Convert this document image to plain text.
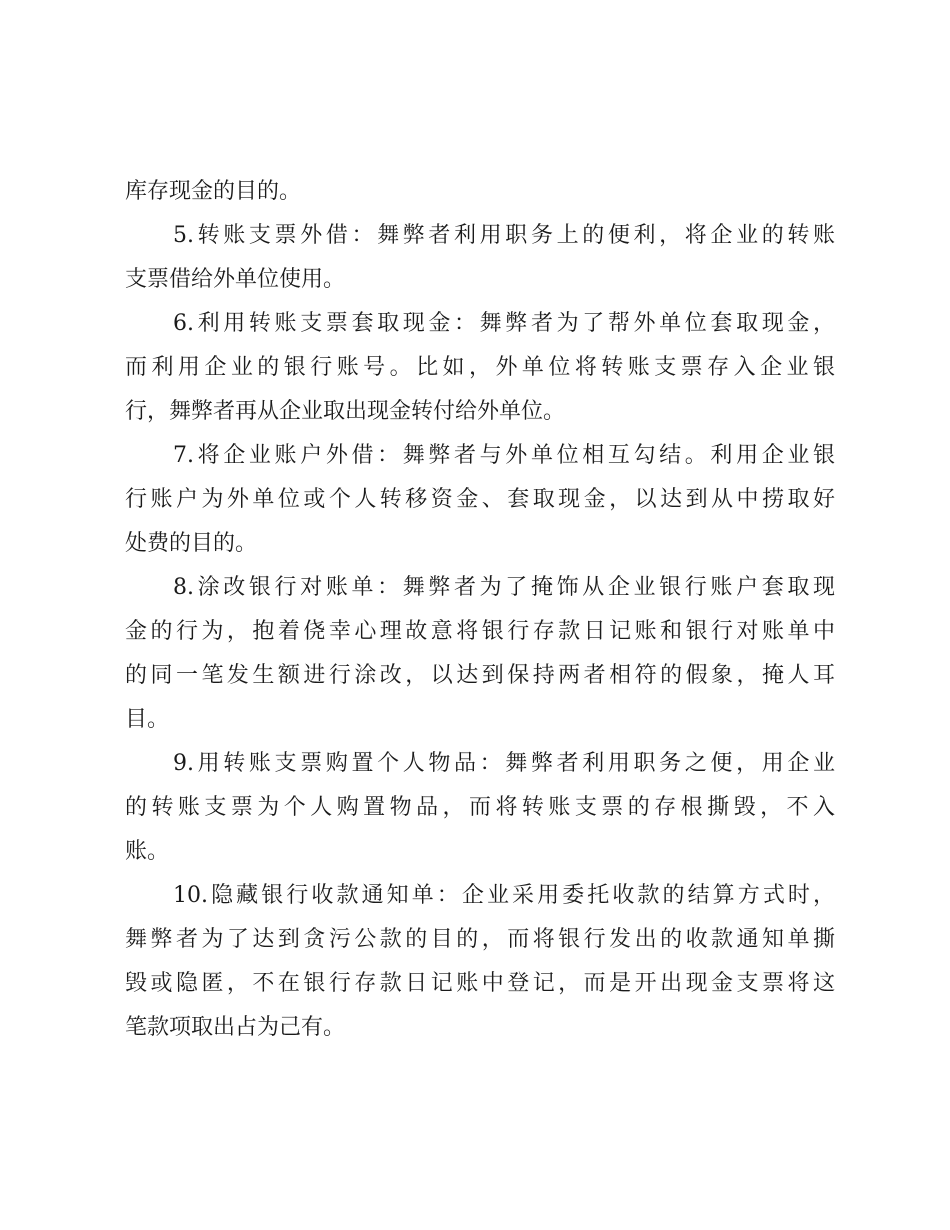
库存现金的目的。
5.转账支票外借：舞弊者利用职务上的便利，将企业的转账
支票借给外单位使用。
6.利用转账支票套取现金：舞弊者为了帮外单位套取现金，
而利用企业的银行账号。比如，外单位将转账支票存入企业银
行，舞弊者再从企业取出现金转付给外单位。
7.将企业账户外借：舞弊者与外单位相互勾结。利用企业银
行账户为外单位或个人转移资金、套取现金，以达到从中捞取好
处费的目的。
8.涂改银行对账单：舞弊者为了掩饰从企业银行账户套取现
金的行为，抱着侥幸心理故意将银行存款日记账和银行对账单中
的同一笔发生额进行涂改，以达到保持两者相符的假象，掩人耳
目。
9.用转账支票购置个人物品：舞弊者利用职务之便，用企业
的转账支票为个人购置物品，而将转账支票的存根撕毁，不入
账。
10.隐藏银行收款通知单：企业采用委托收款的结算方式时，
舞弊者为了达到贪污公款的目的，而将银行发出的收款通知单撕
毁或隐匿，不在银行存款日记账中登记，而是开出现金支票将这
笔款项取出占为己有。
